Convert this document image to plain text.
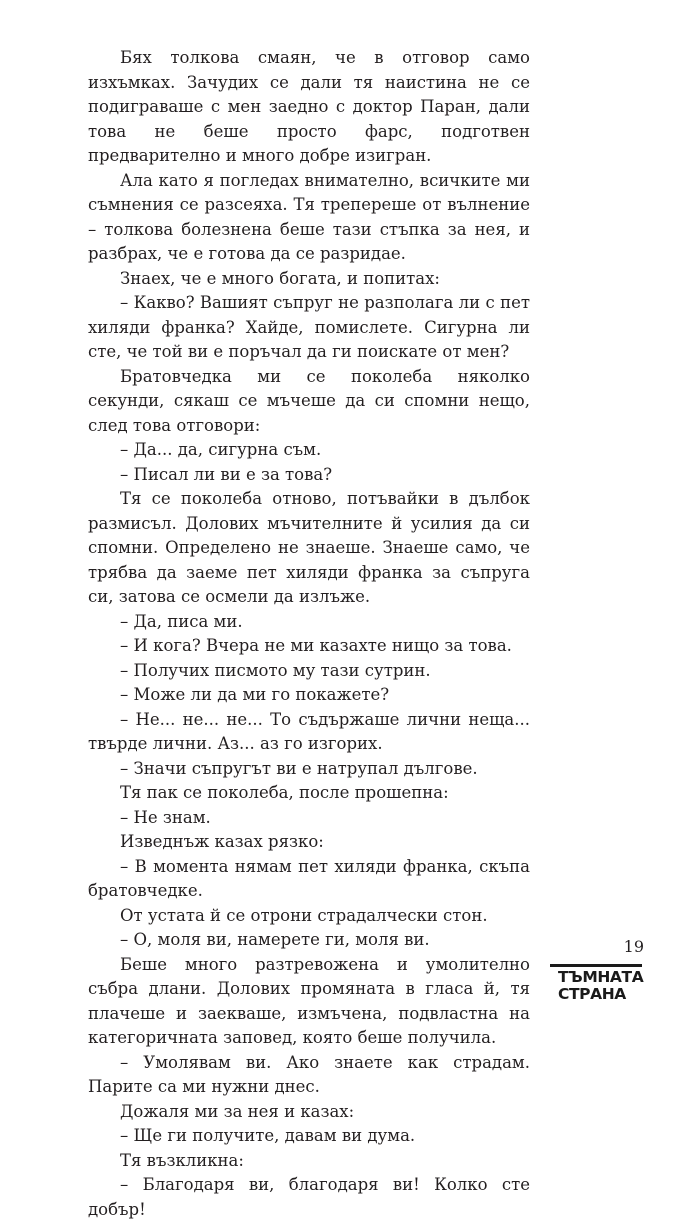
Бях толкова смаян, че в отговор само изхъмках. Зачудих се дали тя наистина не се подиграваше с мен заедно с доктор Паран, дали това не беше просто фарс, подготвен предварително и много добре изигран.

Ала като я погледах внимателно, всичките ми съмнения се разсеяха. Тя трепереше от вълнение – толкова болезнена беше тази стъпка за нея, и разбрах, че е готова да се разридае.

Знаех, че е много богата, и попитах:

– Какво? Вашият съпруг не разполага ли с пет хиляди франка? Хайде, помислете. Сигурна ли сте, че той ви е поръчал да ги поискате от мен?

Братовчедка ми се поколеба няколко секунди, сякаш се мъчеше да си спомни нещо, след това отговори:

– Да... да, сигурна съм.

– Писал ли ви е за това?

Тя се поколеба отново, потъвайки в дълбок размисъл. Долових мъчителните й усилия да си спомни. Определено не знаеше. Знаеше само, че трябва да заеме пет хиляди франка за съпруга си, затова се осмели да излъже.

– Да, писа ми.

– И кога? Вчера не ми казахте нищо за това.

– Получих писмото му тази сутрин.

– Може ли да ми го покажете?

– Не... не... не... То съдържаше лични неща... твърде лични. Аз... аз го изгорих.

– Значи съпругът ви е натрупал дългове.

Тя пак се поколеба, после прошепна:

– Не знам.

Изведнъж казах рязко:

– В момента нямам пет хиляди франка, скъпа братовчедке.

От устата й се отрони страдалчески стон.

– О, моля ви, намерете ги, моля ви.

Беше много разтревожена и умолително събра длани. Долових промяната в гласа й, тя плачеше и заекваше, измъчена, подвластна на категоричната заповед, която беше получила.

– Умолявам ви. Ако знаете как страдам. Парите са ми нужни днес.

Дожаля ми за нея и казах:

– Ще ги получите, давам ви дума.

Тя възкликна:

– Благодаря ви, благодаря ви! Колко сте добър!

19
ТЪМНАТА
СТРАНА
